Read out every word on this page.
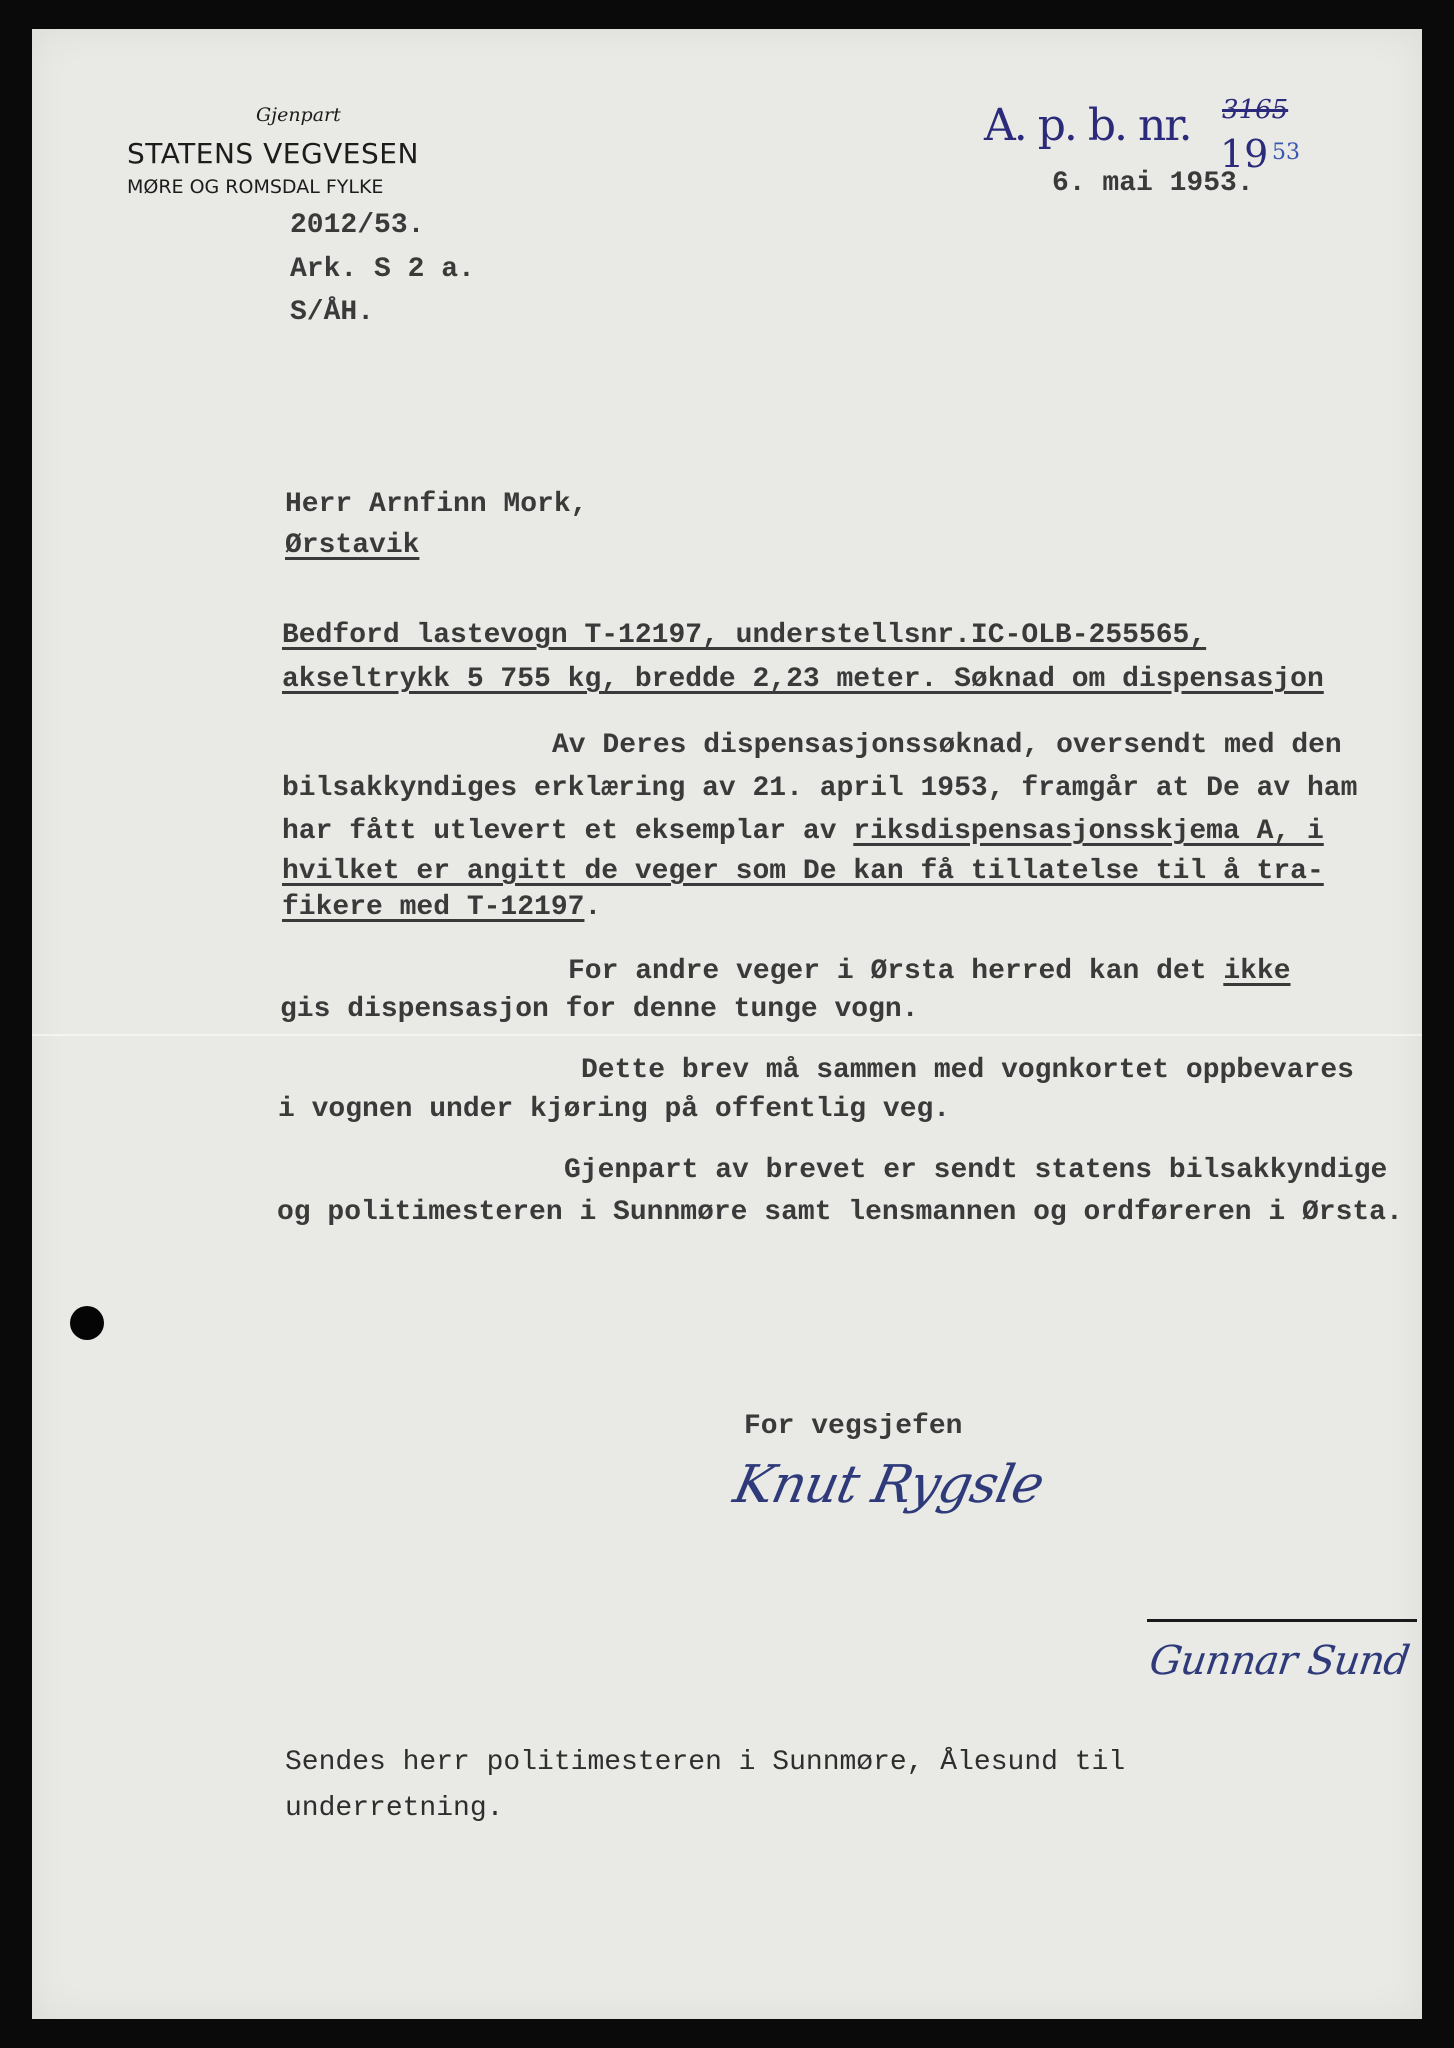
Gjenpart
STATENS VEGVESEN
MØRE OG ROMSDAL FYLKE
2012/53.
Ark. S 2 a.
S/ÅH.
A. p. b. nr. 3165
19 53
6. mai 1953.
Herr Arnfinn Mork,
Ørstavik
Bedford lastevogn T-12197, understellsnr.IC-OLB-255565,
akseltrykk 5 755 kg, bredde 2,23 meter. Søknad om dispensasjon
Av Deres dispensasjonssøknad, oversendt med den
bilsakkyndiges erklæring av 21. april 1953, framgår at De av ham
har fått utlevert et eksemplar av riksdispensasjonsskjema A, i
hvilket er angitt de veger som De kan få tillatelse til å tra-
fikere med T-12197.
For andre veger i Ørsta herred kan det ikke
gis dispensasjon for denne tunge vogn.
Dette brev må sammen med vognkortet oppbevares
i vognen under kjøring på offentlig veg.
Gjenpart av brevet er sendt statens bilsakkyndige
og politimesteren i Sunnmøre samt lensmannen og ordføreren i Ørsta.
For vegsjefen
Knut Rygsle
Gunnar Sund
Sendes herr politimesteren i Sunnmøre, Ålesund til
underretning.
